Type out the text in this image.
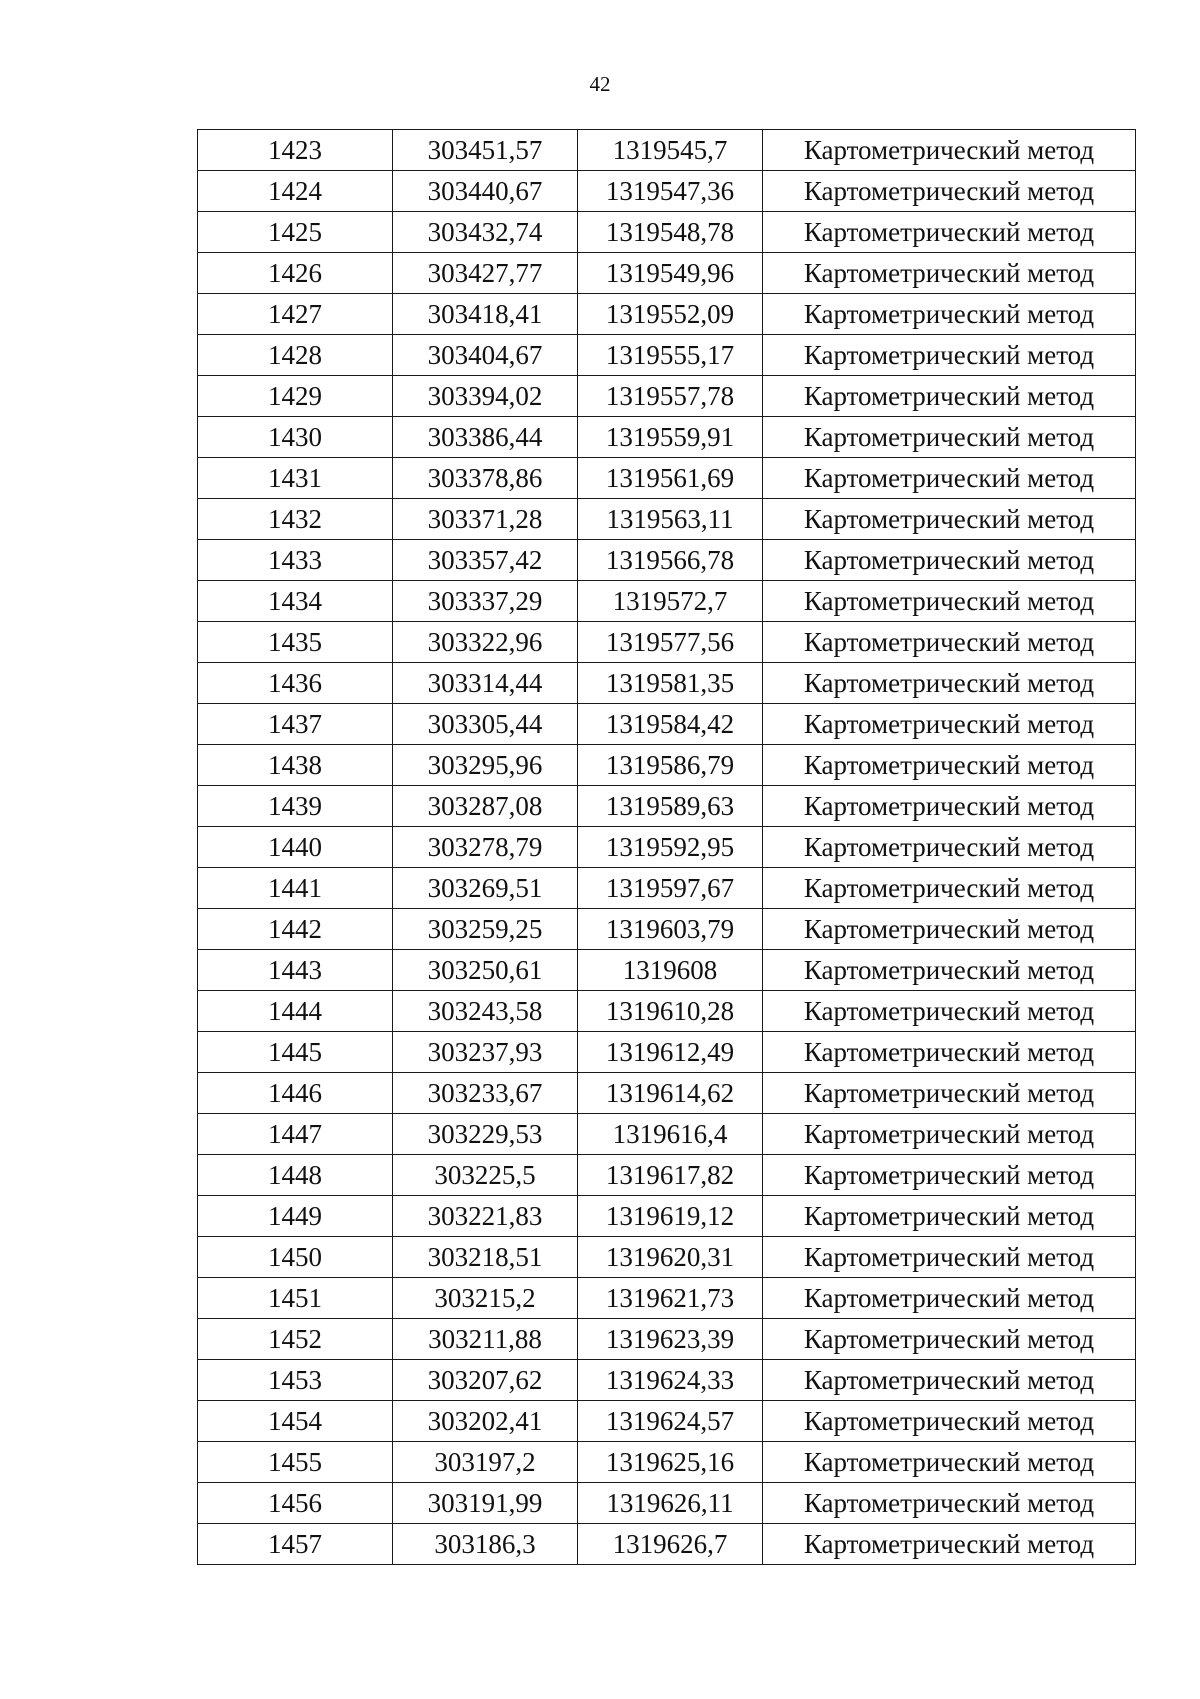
42
1423	303451,57	1319545,7	Картометрический метод
1424	303440,67	1319547,36	Картометрический метод
1425	303432,74	1319548,78	Картометрический метод
1426	303427,77	1319549,96	Картометрический метод
1427	303418,41	1319552,09	Картометрический метод
1428	303404,67	1319555,17	Картометрический метод
1429	303394,02	1319557,78	Картометрический метод
1430	303386,44	1319559,91	Картометрический метод
1431	303378,86	1319561,69	Картометрический метод
1432	303371,28	1319563,11	Картометрический метод
1433	303357,42	1319566,78	Картометрический метод
1434	303337,29	1319572,7	Картометрический метод
1435	303322,96	1319577,56	Картометрический метод
1436	303314,44	1319581,35	Картометрический метод
1437	303305,44	1319584,42	Картометрический метод
1438	303295,96	1319586,79	Картометрический метод
1439	303287,08	1319589,63	Картометрический метод
1440	303278,79	1319592,95	Картометрический метод
1441	303269,51	1319597,67	Картометрический метод
1442	303259,25	1319603,79	Картометрический метод
1443	303250,61	1319608	Картометрический метод
1444	303243,58	1319610,28	Картометрический метод
1445	303237,93	1319612,49	Картометрический метод
1446	303233,67	1319614,62	Картометрический метод
1447	303229,53	1319616,4	Картометрический метод
1448	303225,5	1319617,82	Картометрический метод
1449	303221,83	1319619,12	Картометрический метод
1450	303218,51	1319620,31	Картометрический метод
1451	303215,2	1319621,73	Картометрический метод
1452	303211,88	1319623,39	Картометрический метод
1453	303207,62	1319624,33	Картометрический метод
1454	303202,41	1319624,57	Картометрический метод
1455	303197,2	1319625,16	Картометрический метод
1456	303191,99	1319626,11	Картометрический метод
1457	303186,3	1319626,7	Картометрический метод
